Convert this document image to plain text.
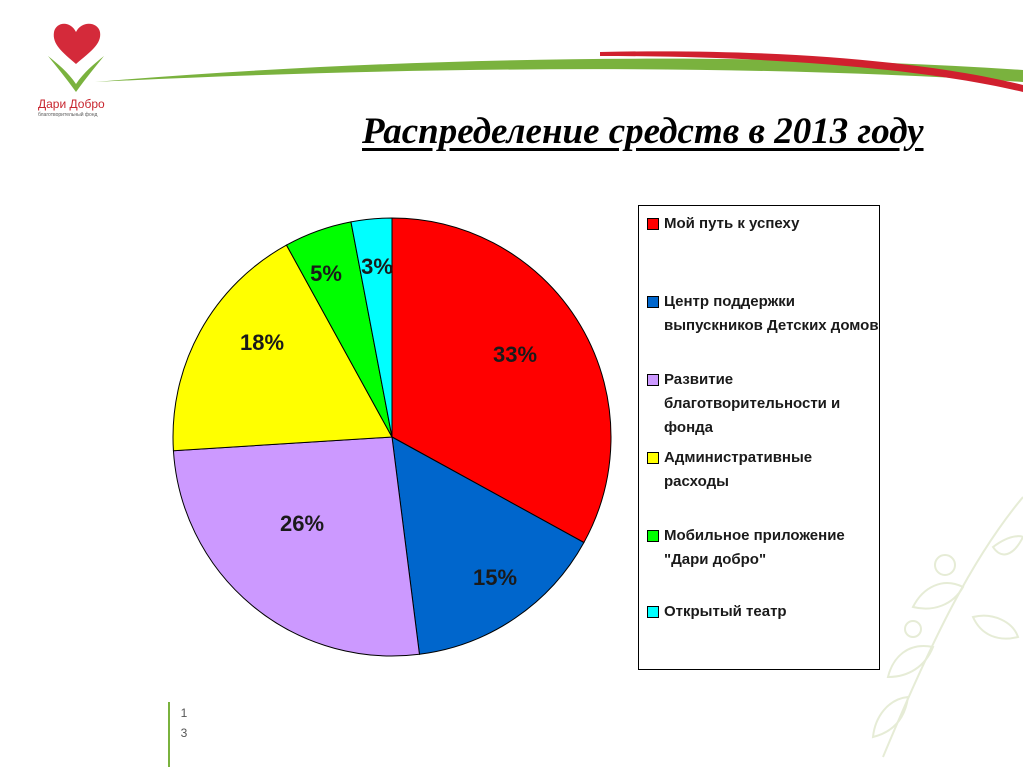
Дари Добро
благотворительный фонд	Распределение средств в 2013 году
33%
15%
26%
18%
5% 3%
Мой путь к успеху
Центр поддержки выпускников Детских домов
Развитие благотворительности и фонда
Административные расходы
Мобильное приложение "Дари добро"
Открытый театр
1
3
